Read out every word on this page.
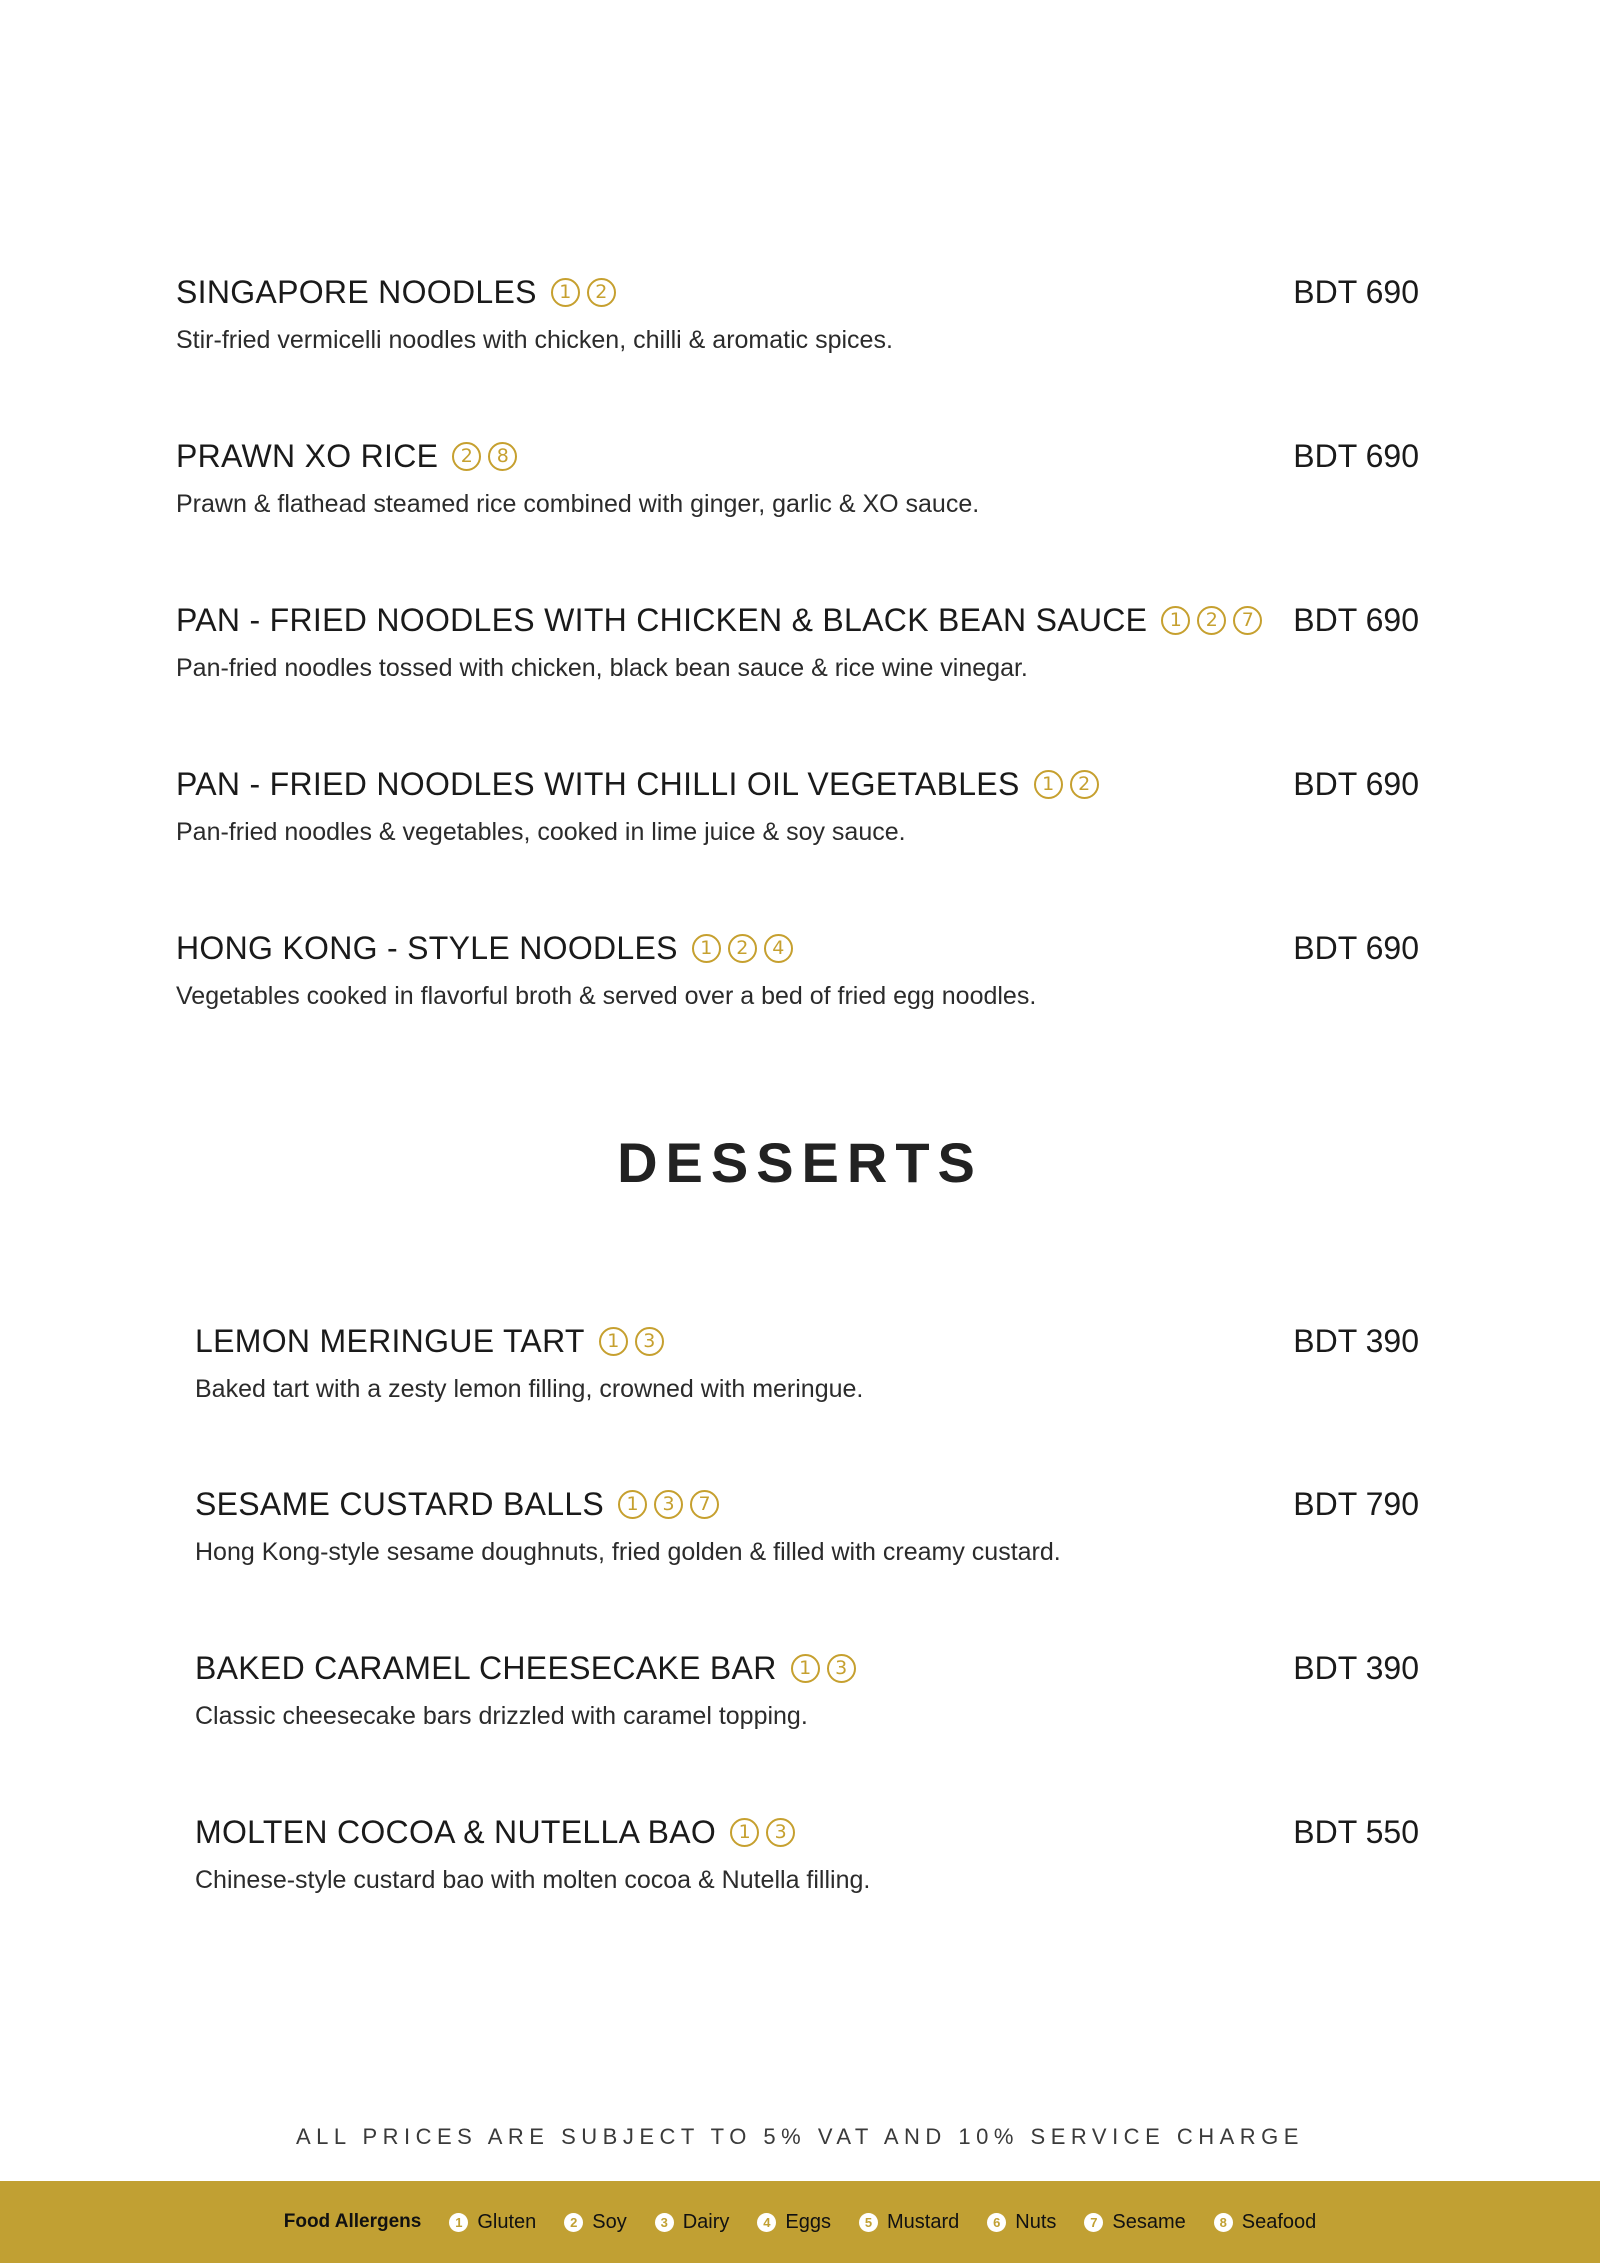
SINGAPORE NOODLES	1	2	BDT 690
Stir-fried vermicelli noodles with chicken, chilli & aromatic spices.
PRAWN XO RICE	2	8	BDT 690
Prawn & flathead steamed rice combined with ginger, garlic & XO sauce.
PAN - FRIED NOODLES WITH CHICKEN & BLACK BEAN SAUCE	1	2	7 BDT 690
Pan-fried noodles tossed with chicken, black bean sauce & rice wine vinegar.
PAN - FRIED NOODLES WITH CHILLI OIL VEGETABLES	1	2	BDT 690
Pan-fried noodles & vegetables, cooked in lime juice & soy sauce.
HONG KONG - STYLE NOODLES	1	2	4	BDT 690
Vegetables cooked in flavorful broth & served over a bed of fried egg noodles.
DESSERTS
LEMON MERINGUE TART	1	3	BDT 390
Baked tart with a zesty lemon filling, crowned with meringue.
SESAME CUSTARD BALLS	1	3	7	BDT 790
Hong Kong-style sesame doughnuts, fried golden & filled with creamy custard.
BAKED CARAMEL CHEESECAKE BAR	1	3	BDT 390
Classic cheesecake bars drizzled with caramel topping.
MOLTEN COCOA & NUTELLA BAO	1	3	BDT 550
Chinese-style custard bao with molten cocoa & Nutella filling.
ALL PRICES ARE SUBJECT TO 5% VAT AND 10% SERVICE CHARGE
Food Allergens	1 Gluten	2 Soy	3 Dairy	4 Eggs	5 Mustard	6 Nuts	7 Sesame	8 Seafood
